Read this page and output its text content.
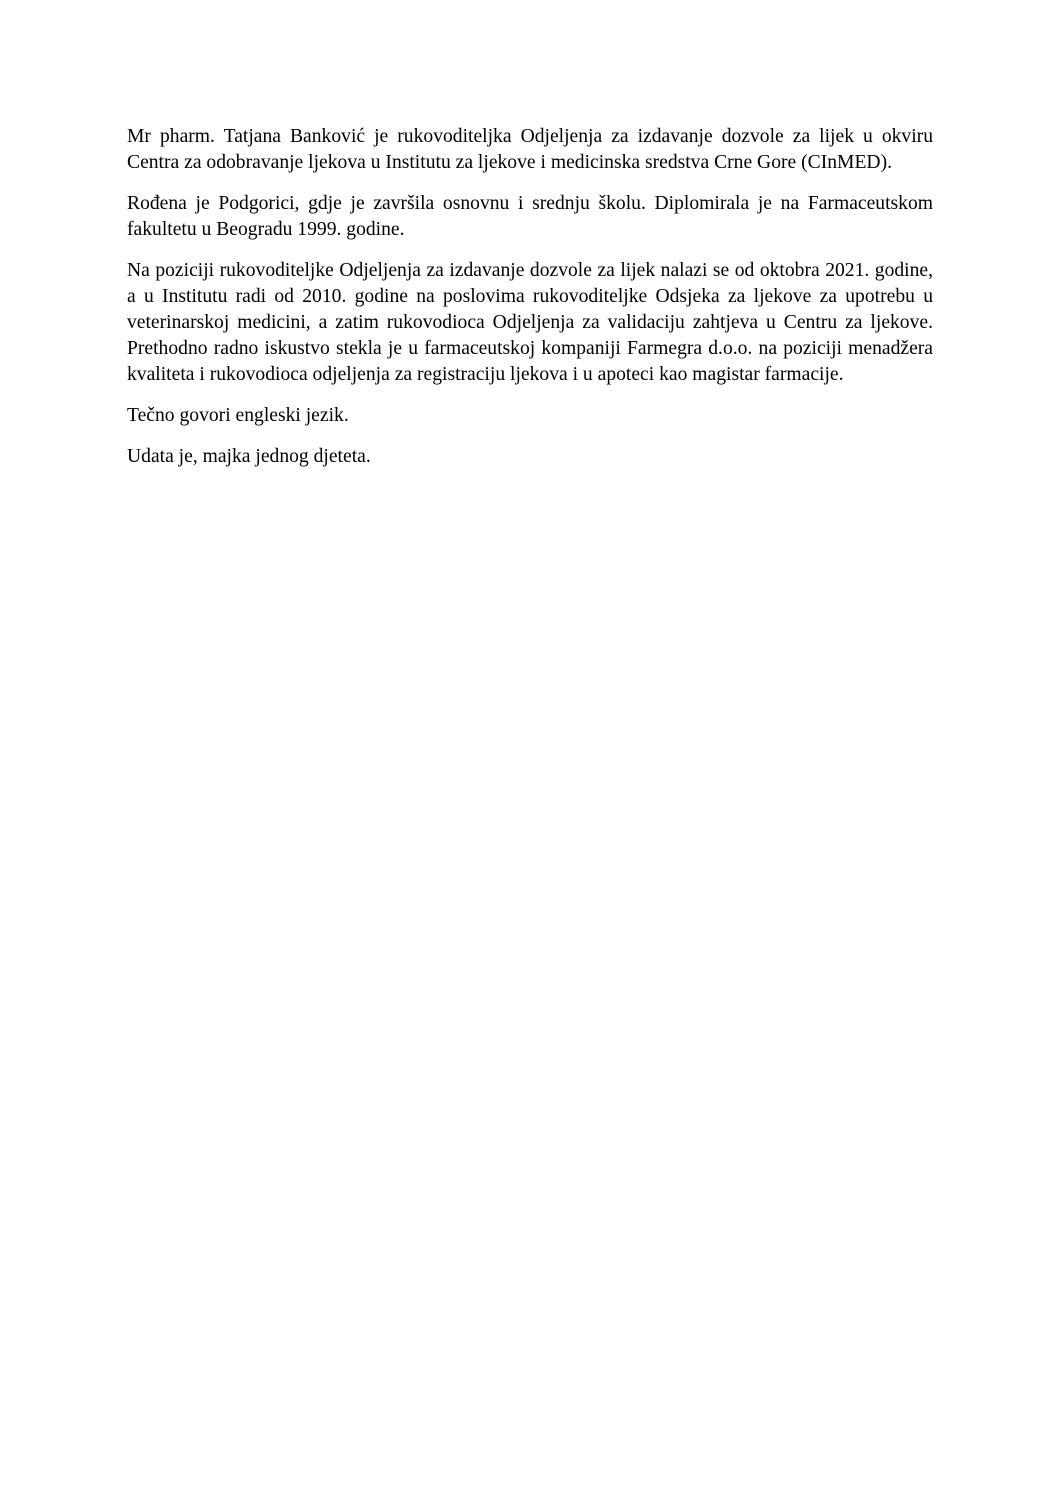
Mr pharm. Tatjana Banković je rukovoditeljka Odjeljenja za izdavanje dozvole za lijek u okviru Centra za odobravanje ljekova u Institutu za ljekove i medicinska sredstva Crne Gore (CInMED).

Rođena je Podgorici, gdje je završila osnovnu i srednju školu. Diplomirala je na Farmaceutskom fakultetu u Beogradu 1999. godine.

Na poziciji rukovoditeljke Odjeljenja za izdavanje dozvole za lijek nalazi se od oktobra 2021. godine, a u Institutu radi od 2010. godine na poslovima rukovoditeljke Odsjeka za ljekove za upotrebu u veterinarskoj medicini, a zatim rukovodioca Odjeljenja za validaciju zahtjeva u Centru za ljekove. Prethodno radno iskustvo stekla je u farmaceutskoj kompaniji Farmegra d.o.o. na poziciji menadžera kvaliteta i rukovodioca odjeljenja za registraciju ljekova i u apoteci kao magistar farmacije.

Tečno govori engleski jezik.

Udata je, majka jednog djeteta.
